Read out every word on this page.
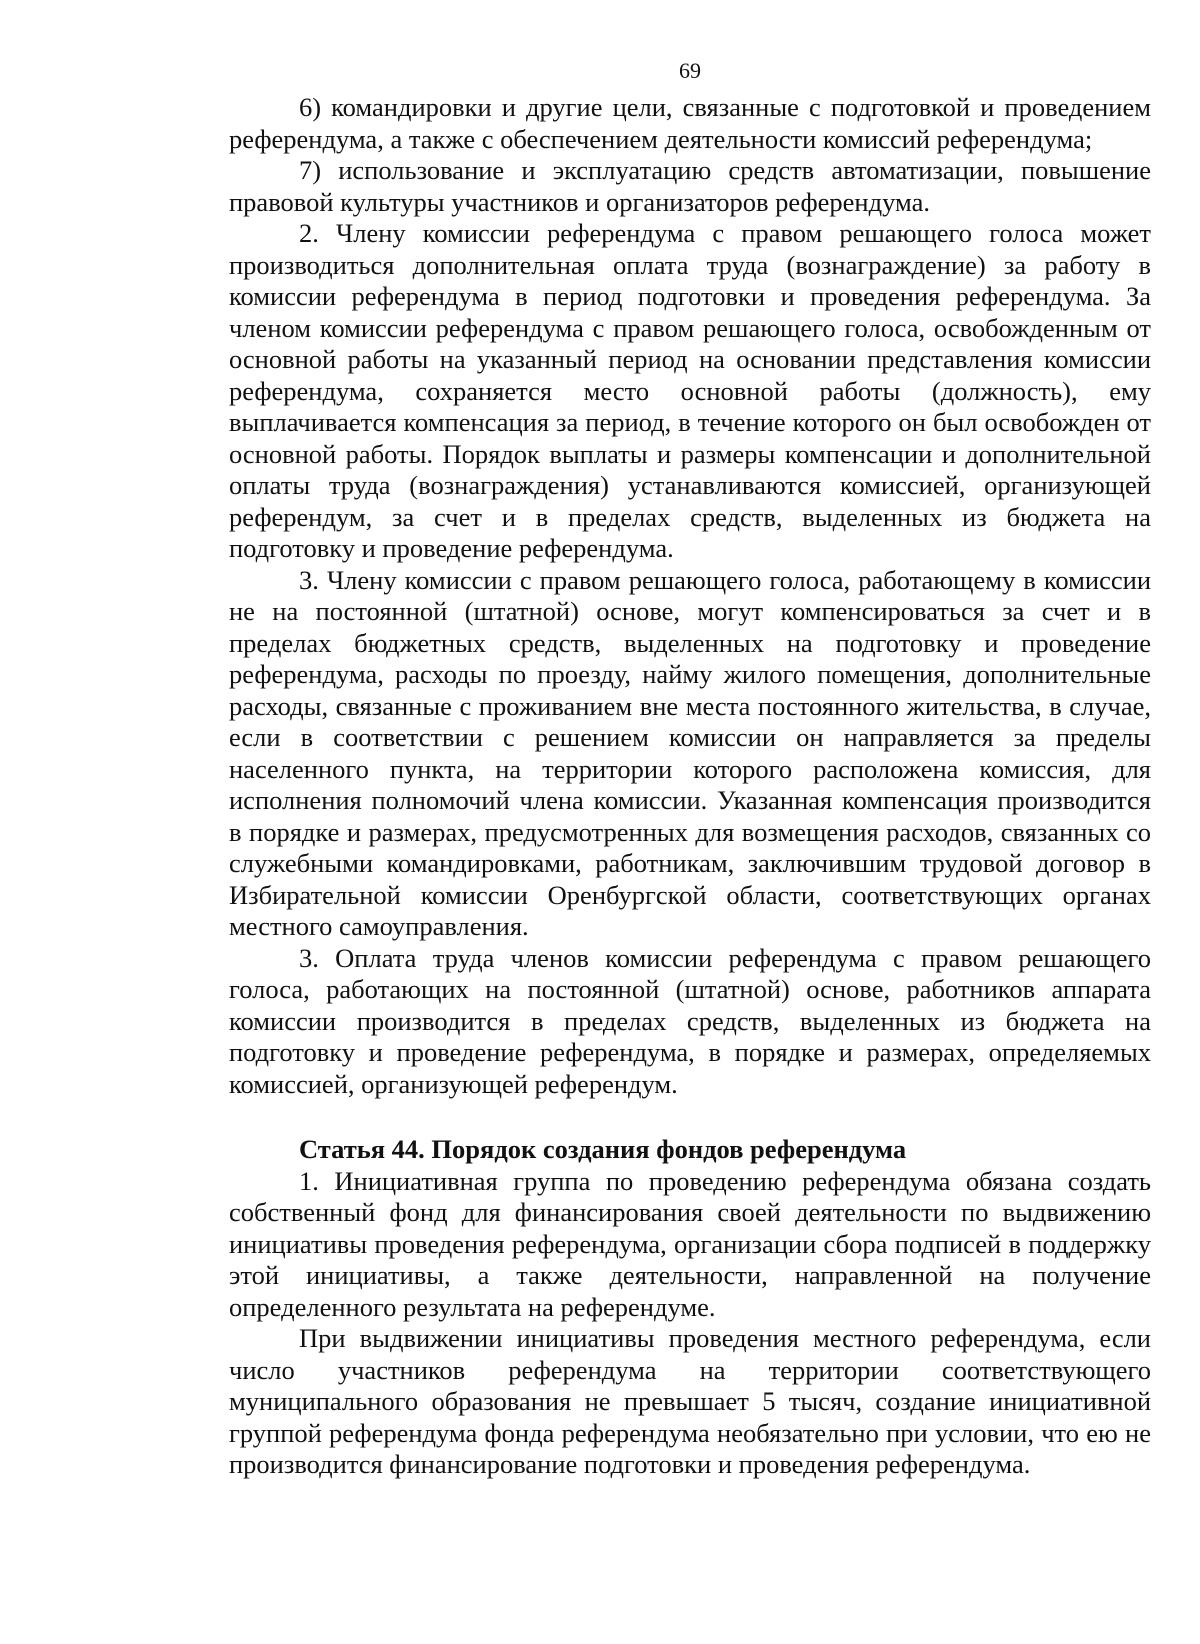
69

6) командировки и другие цели, связанные с подготовкой и проведением референдума, а также с обеспечением деятельности комиссий референдума;

7) использование и эксплуатацию средств автоматизации, повышение правовой культуры участников и организаторов референдума.

2. Члену комиссии референдума с правом решающего голоса может производиться дополнительная оплата труда (вознаграждение) за работу в комиссии референдума в период подготовки и проведения референдума. За членом комиссии референдума с правом решающего голоса, освобожденным от основной работы на указанный период на основании представления комиссии референдума, сохраняется место основной работы (должность), ему выплачивается компенсация за период, в течение которого он был освобожден от основной работы. Порядок выплаты и размеры компенсации и дополнительной оплаты труда (вознаграждения) устанавливаются комиссией, организующей референдум, за счет и в пределах средств, выделенных из бюджета на подготовку и проведение референдума.

3. Члену комиссии с правом решающего голоса, работающему в комиссии не на постоянной (штатной) основе, могут компенсироваться за счет и в пределах бюджетных средств, выделенных на подготовку и проведение референдума, расходы по проезду, найму жилого помещения, дополнительные расходы, связанные с проживанием вне места постоянного жительства, в случае, если в соответствии с решением комиссии он направляется за пределы населенного пункта, на территории которого расположена комиссия, для исполнения полномочий члена комиссии. Указанная компенсация производится в порядке и размерах, предусмотренных для возмещения расходов, связанных со служебными командировками, работникам, заключившим трудовой договор в Избирательной комиссии Оренбургской области, соответствующих органах местного самоуправления.

3. Оплата труда членов комиссии референдума с правом решающего голоса, работающих на постоянной (штатной) основе, работников аппарата комиссии производится в пределах средств, выделенных из бюджета на подготовку и проведение референдума, в порядке и размерах, определяемых комиссией, организующей референдум.

Статья 44. Порядок создания фондов референдума

1. Инициативная группа по проведению референдума обязана создать собственный фонд для финансирования своей деятельности по выдвижению инициативы проведения референдума, организации сбора подписей в поддержку этой инициативы, а также деятельности, направленной на получение определенного результата на референдуме.

При выдвижении инициативы проведения местного референдума, если число участников референдума на территории соответствующего муниципального образования не превышает 5 тысяч, создание инициативной группой референдума фонда референдума необязательно при условии, что ею не производится финансирование подготовки и проведения референдума.
